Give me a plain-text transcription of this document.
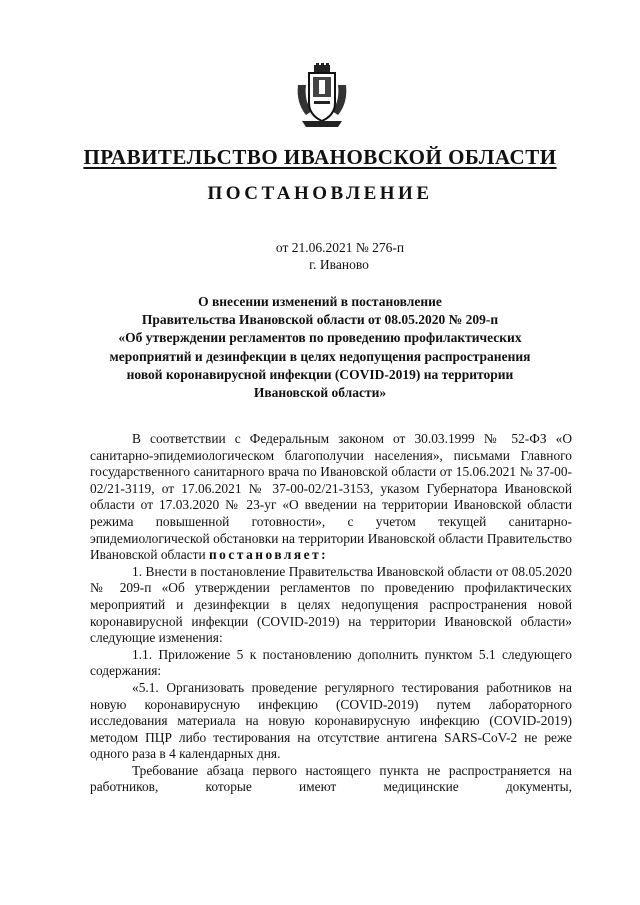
ПРАВИТЕЛЬСТВО ИВАНОВСКОЙ ОБЛАСТИ
ПОСТАНОВЛЕНИЕ
от 21.06.2021 № 276-п
г. Иваново
О внесении изменений в постановление
Правительства Ивановской области от 08.05.2020 № 209-п
«Об утверждении регламентов по проведению профилактических
мероприятий и дезинфекции в целях недопущения распространения
новой коронавирусной инфекции (COVID-2019) на территории
Ивановской области»

В соответствии с Федеральным законом от 30.03.1999 № 52-ФЗ «О санитарно-эпидемиологическом благополучии населения», письмами Главного государственного санитарного врача по Ивановской области от 15.06.2021 № 37-00-02/21-3119, от 17.06.2021 № 37-00-02/21-3153, указом Губернатора Ивановской области от 17.03.2020 № 23-уг «О введении на территории Ивановской области режима повышенной готовности», с учетом текущей санитарно-эпидемиологической обстановки на территории Ивановской области Правительство Ивановской области постановляет:

1. Внести в постановление Правительства Ивановской области от 08.05.2020 № 209-п «Об утверждении регламентов по проведению профилактических мероприятий и дезинфекции в целях недопущения распространения новой коронавирусной инфекции (COVID-2019) на территории Ивановской области» следующие изменения:

1.1. Приложение 5 к постановлению дополнить пунктом 5.1 следующего содержания:

«5.1. Организовать проведение регулярного тестирования работников на новую коронавирусную инфекцию (COVID-2019) путем лабораторного исследования материала на новую коронавирусную инфекцию (COVID-2019) методом ПЦР либо тестирования на отсутствие антигена SARS-CoV-2 не реже одного раза в 4 календарных дня.

Требование абзаца первого настоящего пункта не распространяется на работников, которые имеют медицинские документы,
